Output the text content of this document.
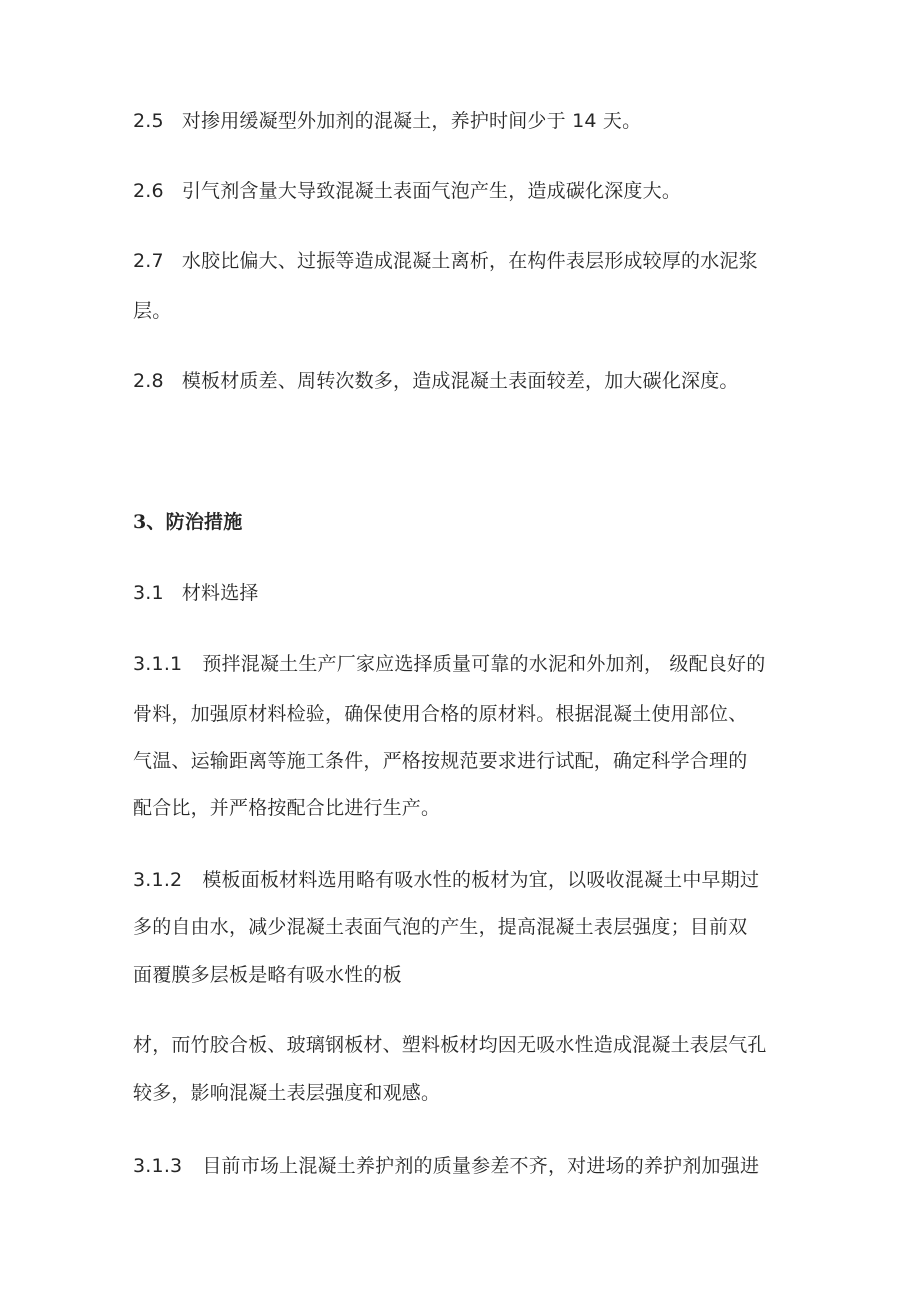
2.5 对掺用缓凝型外加剂的混凝土，养护时间少于 14 天。
2.6 引气剂含量大导致混凝土表面气泡产生，造成碳化深度大。
2.7 水胶比偏大、过振等造成混凝土离析，在构件表层形成较厚的水泥浆
层。
2.8 模板材质差、周转次数多，造成混凝土表面较差，加大碳化深度。
3、防治措施
3.1 材料选择
3.1.1 预拌混凝土生产厂家应选择质量可靠的水泥和外加剂， 级配良好的
骨料，加强原材料检验，确保使用合格的原材料。根据混凝土使用部位、
气温、运输距离等施工条件，严格按规范要求进行试配，确定科学合理的
配合比，并严格按配合比进行生产。
3.1.2 模板面板材料选用略有吸水性的板材为宜，以吸收混凝土中早期过
多的自由水，减少混凝土表面气泡的产生，提高混凝土表层强度；目前双
面覆膜多层板是略有吸水性的板
材，而竹胶合板、玻璃钢板材、塑料板材均因无吸水性造成混凝土表层气孔
较多，影响混凝土表层强度和观感。
3.1.3 目前市场上混凝土养护剂的质量参差不齐，对进场的养护剂加强进
